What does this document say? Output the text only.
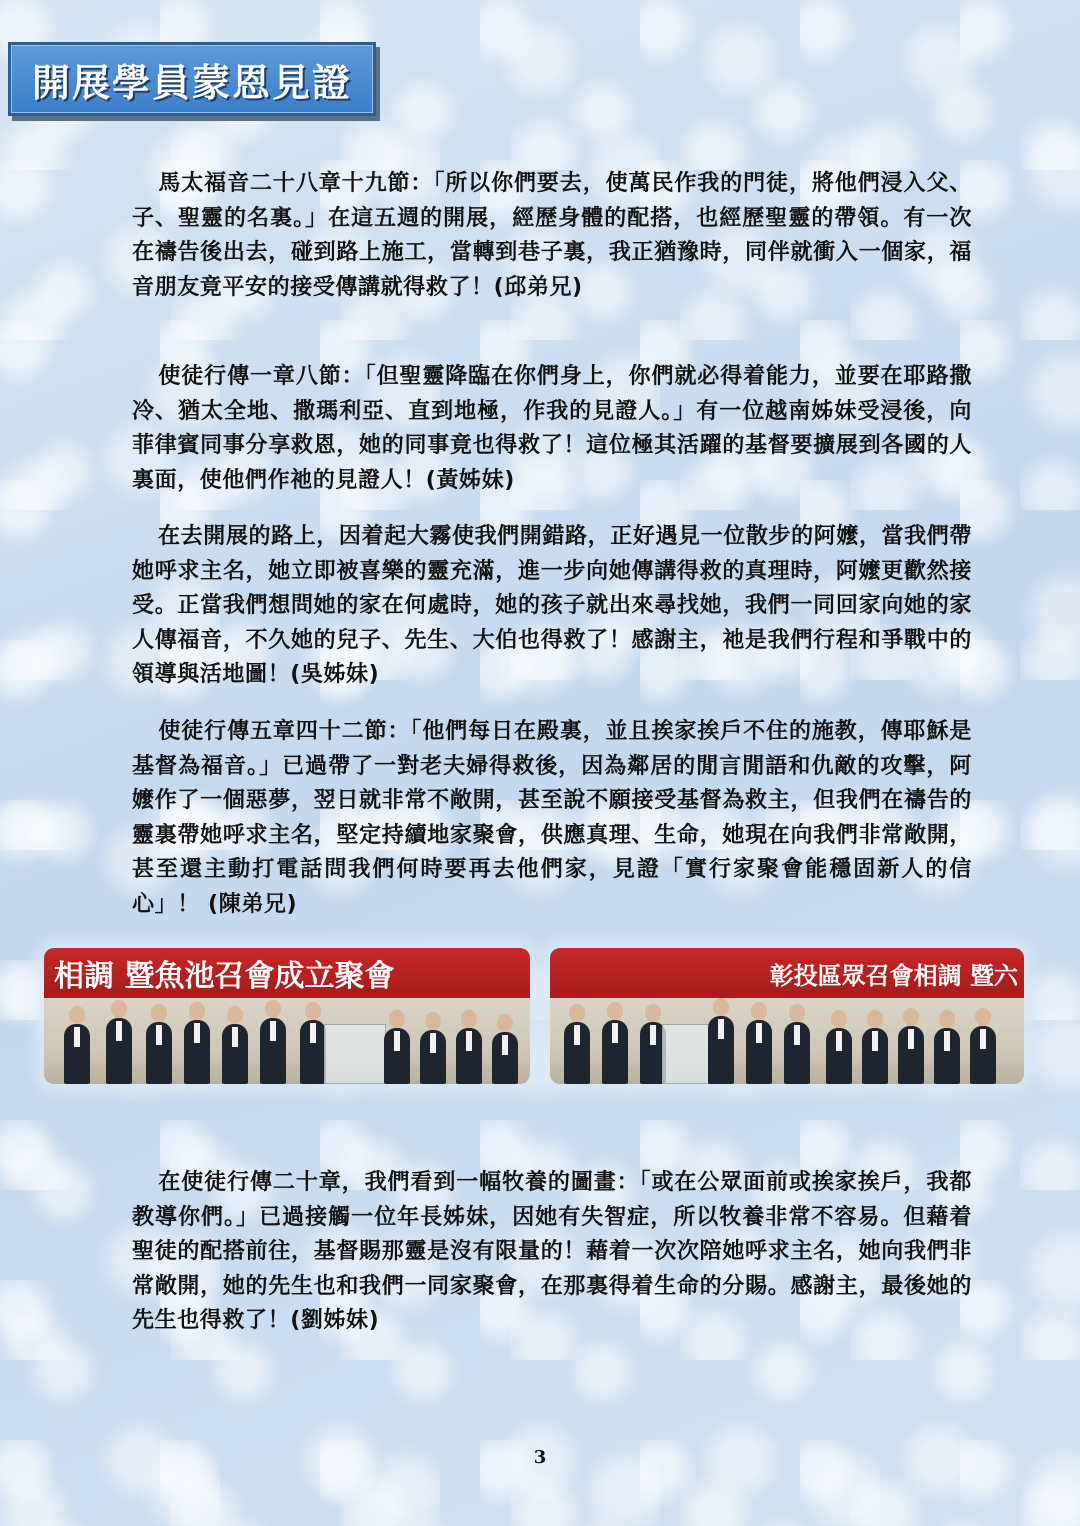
開展學員蒙恩見證

馬太福音二十八章十九節：「所以你們要去，使萬民作我的門徒，將他們浸入父、子、聖靈的名裏。」在這五週的開展，經歷身體的配搭，也經歷聖靈的帶領。有一次在禱告後出去，碰到路上施工，當轉到巷子裏，我正猶豫時，同伴就衝入一個家，福音朋友竟平安的接受傳講就得救了！(邱弟兄)

使徒行傳一章八節：「但聖靈降臨在你們身上，你們就必得着能力，並要在耶路撒冷、猶太全地、撒瑪利亞、直到地極，作我的見證人。」有一位越南姊妹受浸後，向菲律賓同事分享救恩，她的同事竟也得救了！這位極其活躍的基督要擴展到各國的人裏面，使他們作祂的見證人！(黃姊妹)

在去開展的路上，因着起大霧使我們開錯路，正好遇見一位散步的阿嬤，當我們帶她呼求主名，她立即被喜樂的靈充滿，進一步向她傳講得救的真理時，阿嬤更歡然接受。正當我們想問她的家在何處時，她的孩子就出來尋找她，我們一同回家向她的家人傳福音，不久她的兒子、先生、大伯也得救了！感謝主，祂是我們行程和爭戰中的領導與活地圖！(吳姊妹)

使徒行傳五章四十二節：「他們每日在殿裏，並且挨家挨戶不住的施教，傳耶穌是基督為福音。」已過帶了一對老夫婦得救後，因為鄰居的閒言閒語和仇敵的攻擊，阿嬤作了一個惡夢，翌日就非常不敞開，甚至說不願接受基督為救主，但我們在禱告的靈裏帶她呼求主名，堅定持續地家聚會，供應真理、生命，她現在向我們非常敞開，甚至還主動打電話問我們何時要再去他們家，見證「實行家聚會能穩固新人的信心」！ (陳弟兄)

相調 暨魚池召會成立聚會	彰投區眾召會相調 暨六

在使徒行傳二十章，我們看到一幅牧養的圖畫：「或在公眾面前或挨家挨戶，我都教導你們。」已過接觸一位年長姊妹，因她有失智症，所以牧養非常不容易。但藉着聖徒的配搭前往，基督賜那靈是沒有限量的！藉着一次次陪她呼求主名，她向我們非常敞開，她的先生也和我們一同家聚會，在那裏得着生命的分賜。感謝主，最後她的先生也得救了！(劉姊妹)

3
